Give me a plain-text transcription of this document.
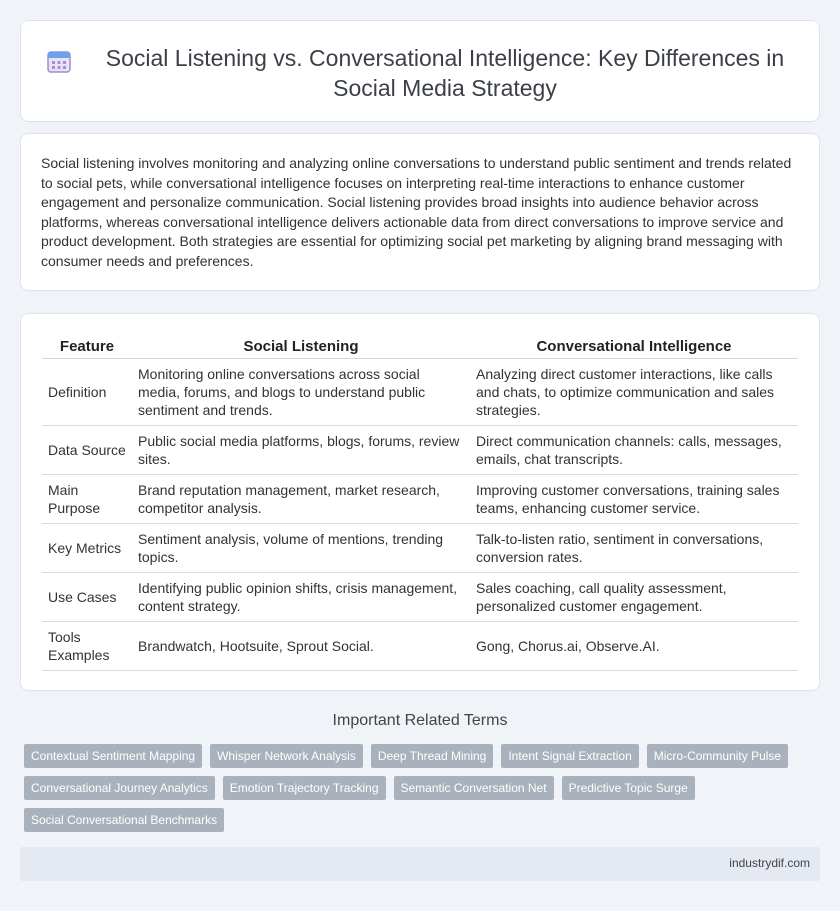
Social Listening vs. Conversational Intelligence: Key Differences in Social Media Strategy

Social listening involves monitoring and analyzing online conversations to understand public sentiment and trends related to social pets, while conversational intelligence focuses on interpreting real-time interactions to enhance customer engagement and personalize communication. Social listening provides broad insights into audience behavior across platforms, whereas conversational intelligence delivers actionable data from direct conversations to improve service and product development. Both strategies are essential for optimizing social pet marketing by aligning brand messaging with consumer needs and preferences.

Feature	Social Listening	Conversational Intelligence
Definition	Monitoring online conversations across social media, forums, and blogs to understand public sentiment and trends.	Analyzing direct customer interactions, like calls and chats, to optimize communication and sales strategies.
Data Source	Public social media platforms, blogs, forums, review sites.	Direct communication channels: calls, messages, emails, chat transcripts.
Main Purpose	Brand reputation management, market research, competitor analysis.	Improving customer conversations, training sales teams, enhancing customer service.
Key Metrics	Sentiment analysis, volume of mentions, trending topics.	Talk-to-listen ratio, sentiment in conversations, conversion rates.
Use Cases	Identifying public opinion shifts, crisis management, content strategy.	Sales coaching, call quality assessment, personalized customer engagement.
Tools Examples	Brandwatch, Hootsuite, Sprout Social.	Gong, Chorus.ai, Observe.AI.
Important Related Terms
Contextual Sentiment Mapping	Whisper Network Analysis	Deep Thread Mining	Intent Signal Extraction	Micro-Community Pulse
Conversational Journey Analytics	Emotion Trajectory Tracking	Semantic Conversation Net	Predictive Topic Surge
Social Conversational Benchmarks
industrydif.com
